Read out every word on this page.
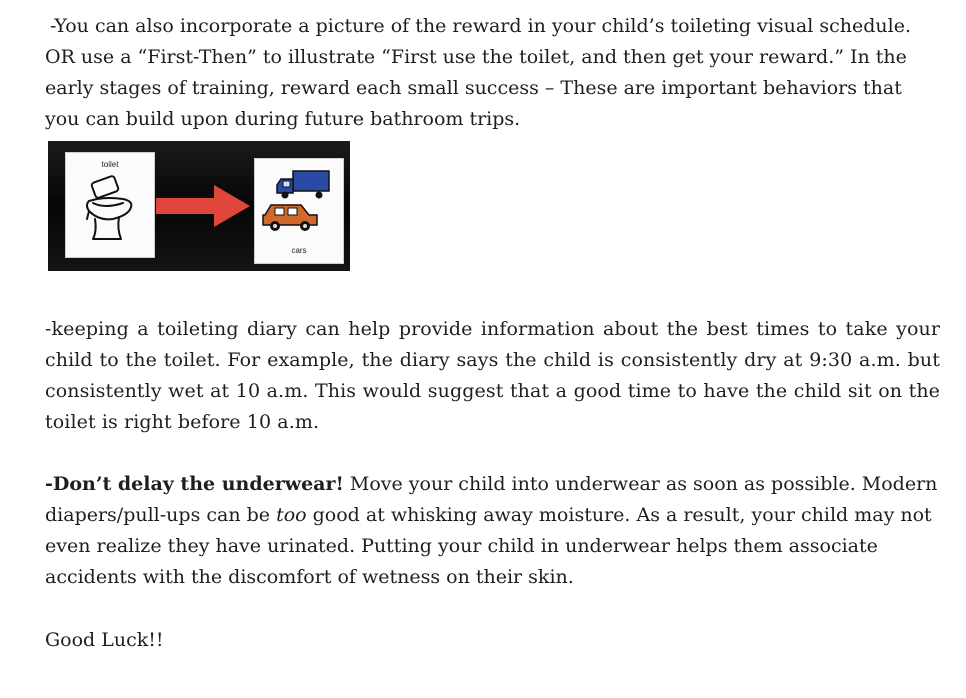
-You can also incorporate a picture of the reward in your child’s toileting visual schedule.
OR use a “First-Then” to illustrate “First use the toilet, and then get your reward.” In the
early stages of training, reward each small success – These are important behaviors that
you can build upon during future bathroom trips.

toilet
cars

-keeping a toileting diary can help provide information about the best times to take your child to the toilet. For example, the diary says the child is consistently dry at 9:30 a.m. but consistently wet at 10 a.m. This would suggest that a good time to have the child sit on the toilet is right before 10 a.m.

-Don’t delay the underwear! Move your child into underwear as soon as possible. Modern diapers/pull-ups can be too good at whisking away moisture. As a result, your child may not even realize they have urinated. Putting your child in underwear helps them associate accidents with the discomfort of wetness on their skin.

Good Luck!!
